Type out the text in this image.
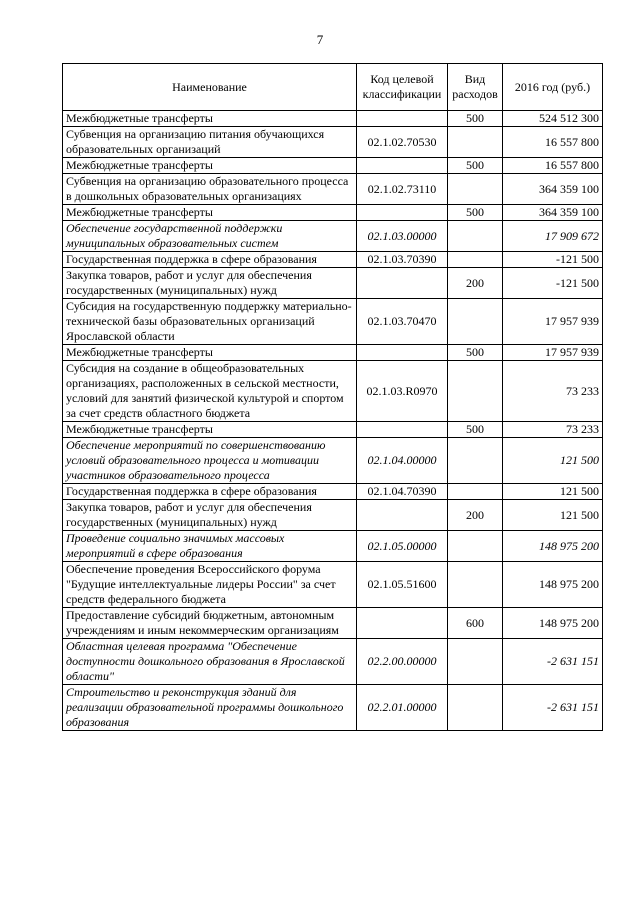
7
Наименование	Код целевой классификации	Вид расходов	2016 год (руб.)
Межбюджетные трансферты		500	524 512 300
Субвенция на организацию питания обучающихся образовательных организаций	02.1.02.70530		16 557 800
Межбюджетные трансферты		500	16 557 800
Субвенция на организацию образовательного процесса в дошкольных образовательных организациях	02.1.02.73110		364 359 100
Межбюджетные трансферты		500	364 359 100
Обеспечение государственной поддержки муниципальных образовательных систем	02.1.03.00000		17 909 672
Государственная поддержка в сфере образования	02.1.03.70390		-121 500
Закупка товаров, работ и услуг для обеспечения государственных (муниципальных) нужд		200	-121 500
Субсидия на государственную поддержку материально-технической базы образовательных организаций Ярославской области	02.1.03.70470		17 957 939
Межбюджетные трансферты		500	17 957 939
Субсидия на создание в общеобразовательных организациях, расположенных в сельской местности, условий для занятий физической культурой и спортом за счет средств областного бюджета	02.1.03.R0970		73 233
Межбюджетные трансферты		500	73 233
Обеспечение мероприятий по совершенствованию условий образовательного процесса и мотивации участников образовательного процесса	02.1.04.00000		121 500
Государственная поддержка в сфере образования	02.1.04.70390		121 500
Закупка товаров, работ и услуг для обеспечения государственных (муниципальных) нужд		200	121 500
Проведение социально значимых массовых мероприятий в сфере образования	02.1.05.00000		148 975 200
Обеспечение проведения Всероссийского форума "Будущие интеллектуальные лидеры России" за счет средств федерального бюджета	02.1.05.51600		148 975 200
Предоставление субсидий бюджетным, автономным учреждениям и иным некоммерческим организациям		600	148 975 200
Областная целевая программа "Обеспечение доступности дошкольного образования в Ярославской области"	02.2.00.00000		-2 631 151
Строительство и реконструкция зданий для реализации образовательной программы дошкольного образования	02.2.01.00000		-2 631 151
